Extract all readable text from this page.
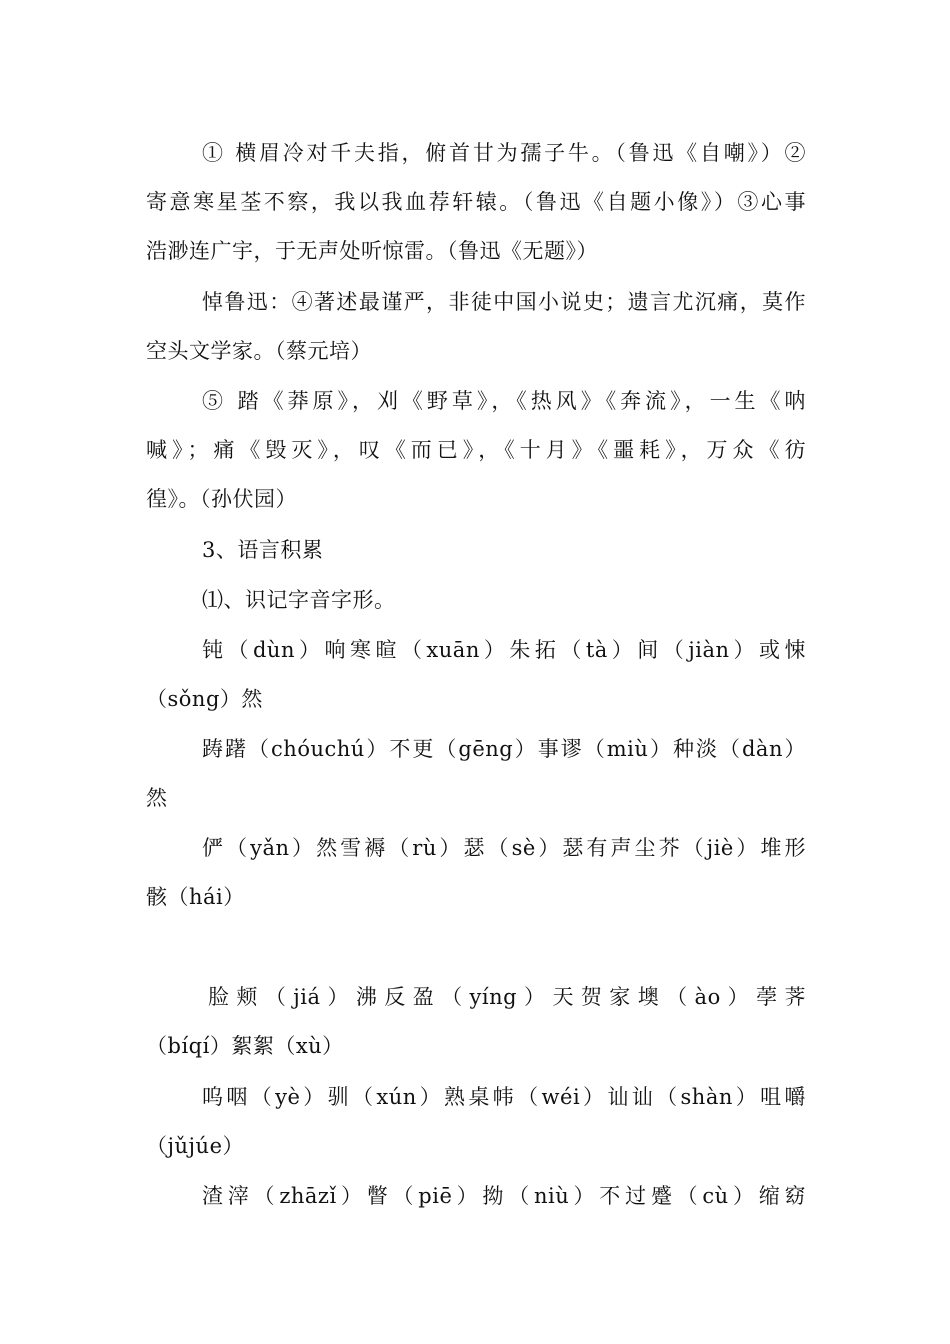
① 横眉冷对千夫指，俯首甘为孺子牛。（鲁迅《自嘲》）②
寄意寒星荃不察，我以我血荐轩辕。（鲁迅《自题小像》）③心事
浩渺连广宇，于无声处听惊雷。（鲁迅《无题》）
悼鲁迅：④著述最谨严，非徒中国小说史；遗言尤沉痛，莫作
空头文学家。（蔡元培）
⑤ 踏《莽原》，刈《野草》，《热风》《奔流》，一生《呐
喊》；痛《毁灭》，叹《而已》，《十月》《噩耗》，万众《彷
徨》。（孙伏园）
3、语言积累
⑴、识记字音字形。
钝（dùn）响寒暄（xuān）朱拓（tà）间（jiàn）或悚
（sǒng）然
踌躇（chóuchú）不更（gēng）事谬（miù）种淡（dàn）
然
俨（yǎn）然雪褥（rù）瑟（sè）瑟有声尘芥（jiè）堆形
骸（hái）
脸颊（jiá）沸反盈（yíng）天贺家墺（ào）荸荠
（bíqí）絮絮（xù）
呜咽（yè）驯（xún）熟桌帏（wéi）讪讪（shàn）咀嚼
（jǔjúe）
渣滓（zhāzǐ）瞥（piē）拗（niù）不过蹙（cù）缩窈
